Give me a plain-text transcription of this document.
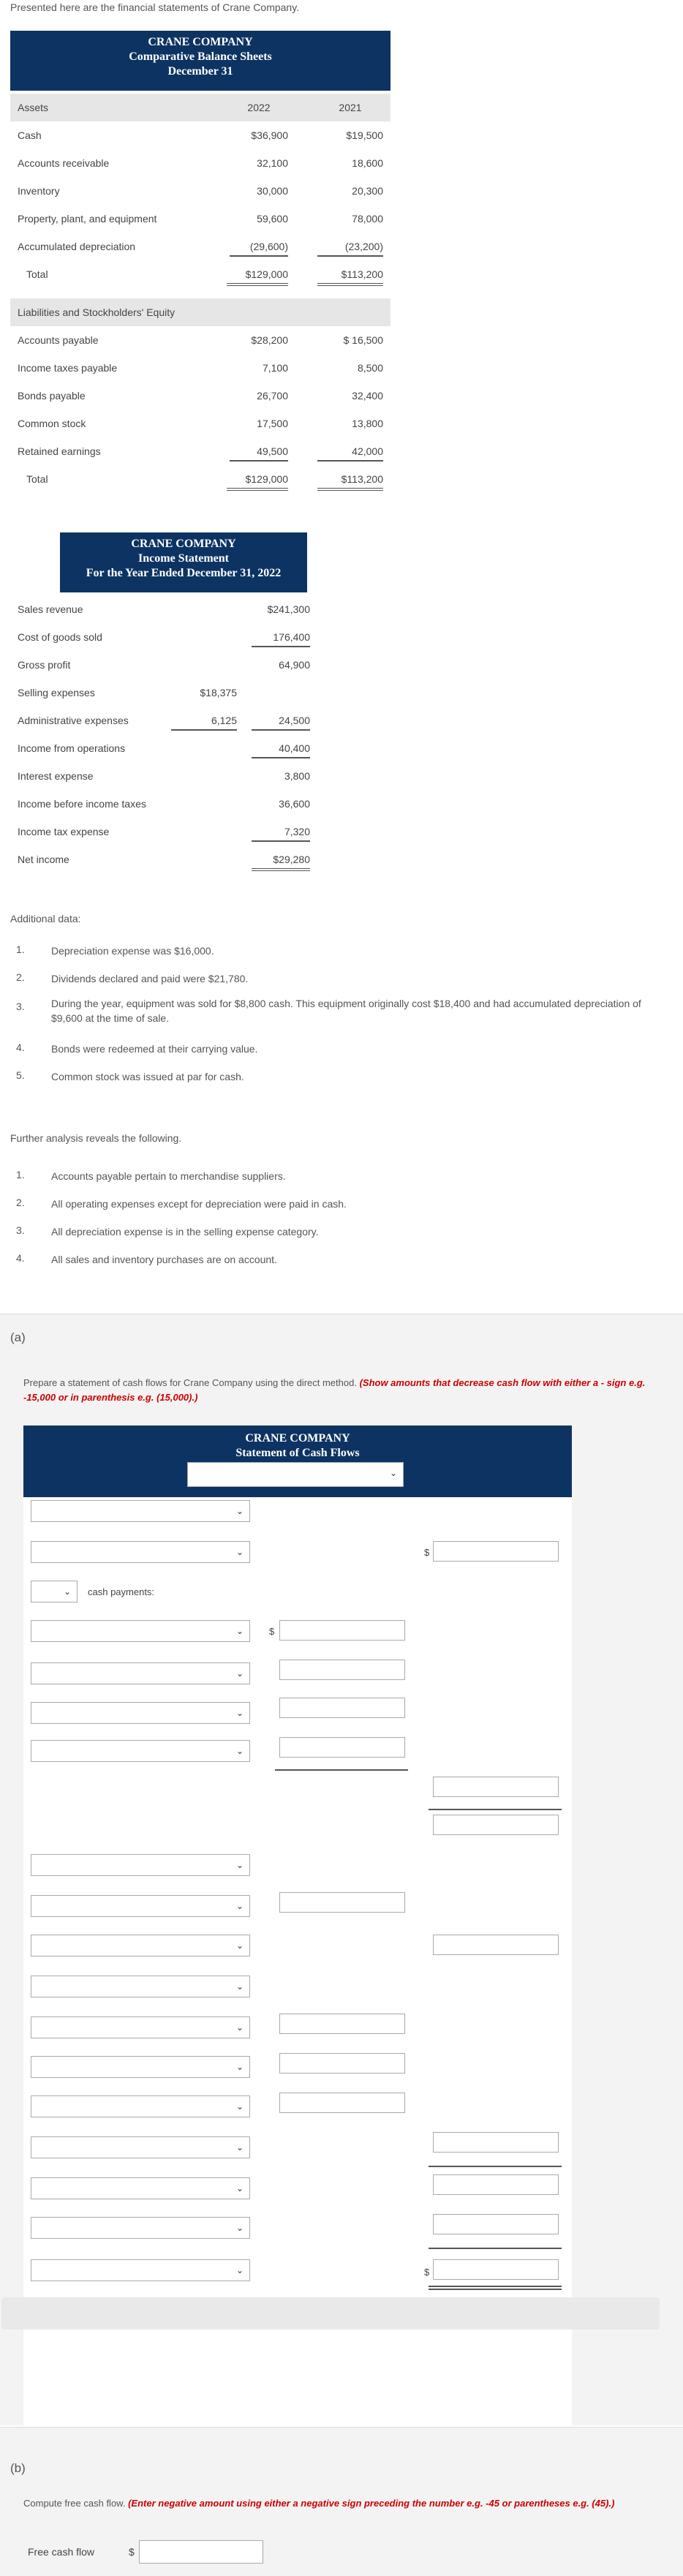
Presented here are the financial statements of Crane Company.
CRANE COMPANY
Comparative Balance Sheets
December 31
Assets	2022	2021
Cash	$36,900	$19,500
Accounts receivable	32,100	18,600
Inventory	30,000	20,300
Property, plant, and equipment	59,600	78,000
Accumulated depreciation	(29,600)	(23,200)
Total	$129,000	$113,200
Liabilities and Stockholders' Equity
Accounts payable	$28,200	$ 16,500
Income taxes payable	7,100	8,500
Bonds payable	26,700	32,400
Common stock	17,500	13,800
Retained earnings	49,500	42,000
Total	$129,000	$113,200
CRANE COMPANY
Income Statement
For the Year Ended December 31, 2022
Sales revenue	$241,300
Cost of goods sold	176,400
Gross profit	64,900
Selling expenses	$18,375
Administrative expenses	6,125	24,500
Income from operations	40,400
Interest expense	3,800
Income before income taxes	36,600
Income tax expense	7,320
Net income	$29,280
Additional data:
1.	Depreciation expense was $16,000.
2.	Dividends declared and paid were $21,780.
3.	During the year, equipment was sold for $8,800 cash. This equipment originally cost $18,400 and had accumulated depreciation of $9,600 at the time of sale.
4.	Bonds were redeemed at their carrying value.
5.	Common stock was issued at par for cash.
Further analysis reveals the following.
1.	Accounts payable pertain to merchandise suppliers.
2.	All operating expenses except for depreciation were paid in cash.
3.	All depreciation expense is in the selling expense category.
4.	All sales and inventory purchases are on account.
(a)
Prepare a statement of cash flows for Crane Company using the direct method. (Show amounts that decrease cash flow with either a - sign e.g. -15,000 or in parenthesis e.g. (15,000).)
CRANE COMPANY
Statement of Cash Flows
⌄
⌄
⌄	$
⌄ cash payments:
⌄	$
⌄
⌄
⌄
⌄
⌄
⌄
⌄
⌄
⌄
⌄
⌄
⌄
⌄
⌄	$
(b)
Compute free cash flow. (Enter negative amount using either a negative sign preceding the number e.g. -45 or parentheses e.g. (45).)
Free cash flow	$
